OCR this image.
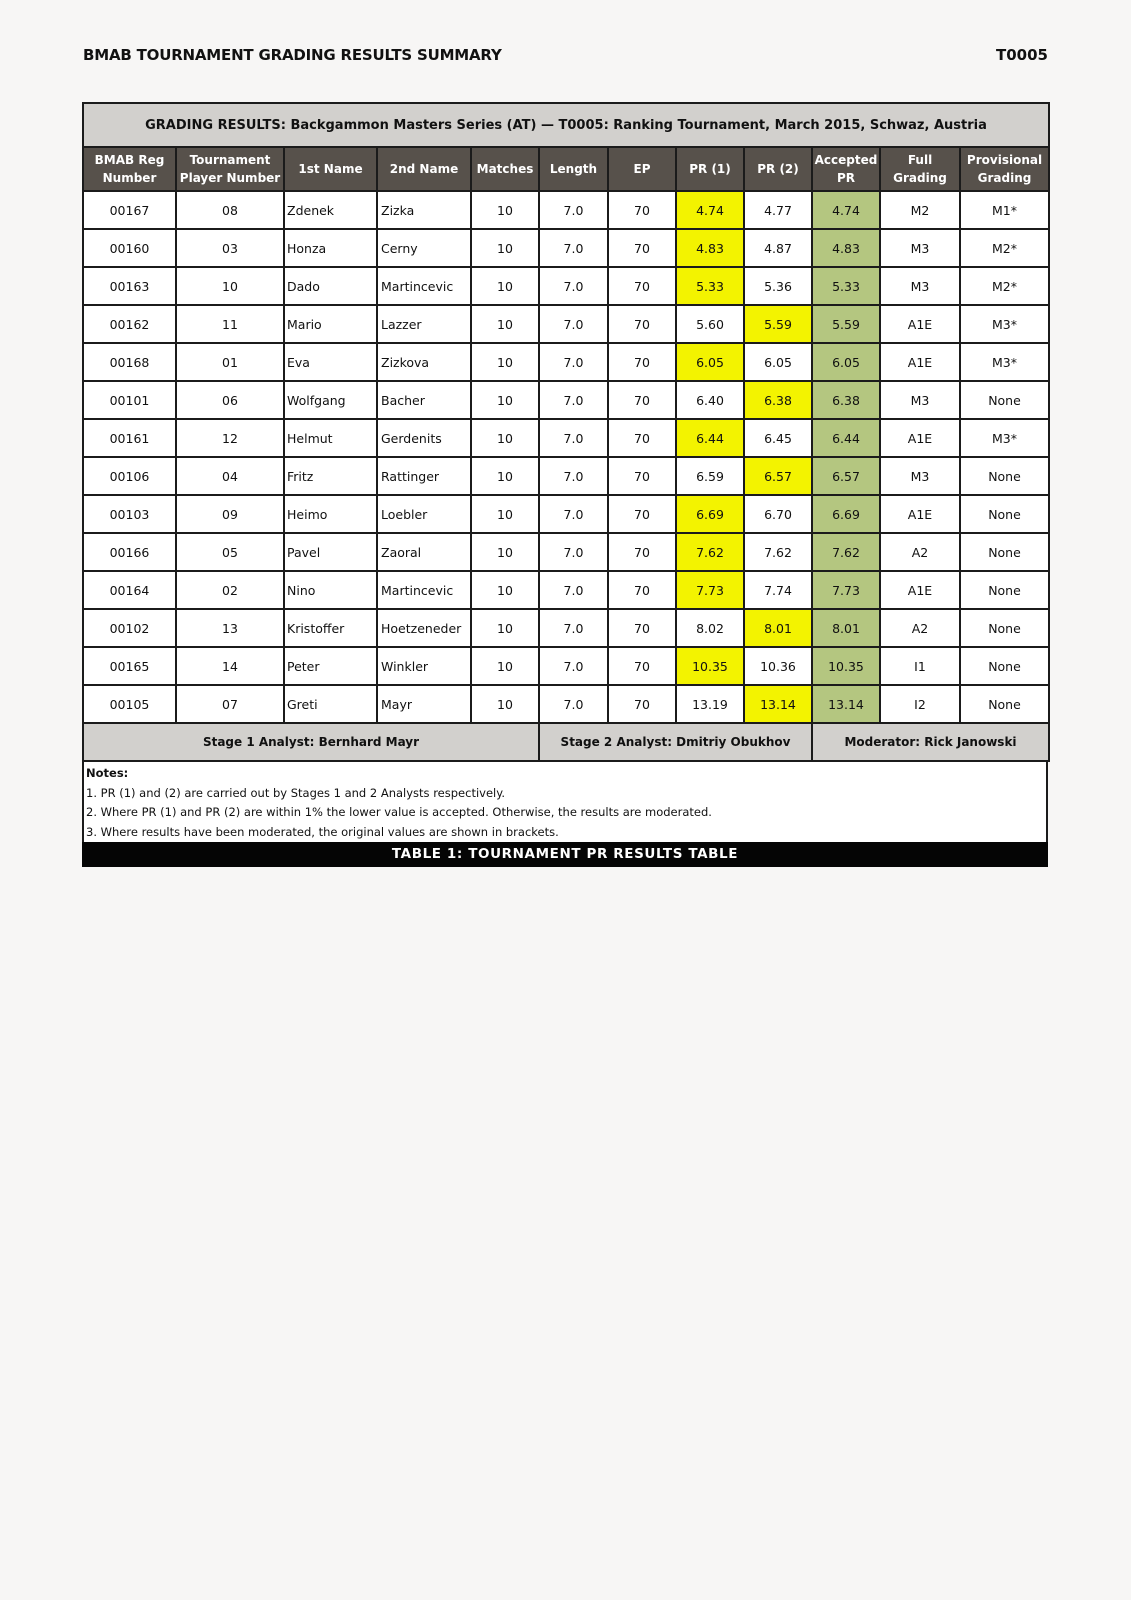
BMAB TOURNAMENT GRADING RESULTS SUMMARY	T0005
GRADING RESULTS: Backgammon Masters Series (AT) — T0005: Ranking Tournament, March 2015, Schwaz, Austria											
BMAB Reg Number	Tournament Player Number	1st Name	2nd Name	Matches	Length	EP	PR (1)	PR (2)	Accepted PR	Full Grading	Provisional Grading
00167	08	Zdenek	Zizka	10	7.0	70	4.74	4.77	4.74	M2	M1*
00160	03	Honza	Cerny	10	7.0	70	4.83	4.87	4.83	M3	M2*
00163	10	Dado	Martincevic	10	7.0	70	5.33	5.36	5.33	M3	M2*
00162	11	Mario	Lazzer	10	7.0	70	5.60	5.59	5.59	A1E	M3*
00168	01	Eva	Zizkova	10	7.0	70	6.05	6.05	6.05	A1E	M3*
00101	06	Wolfgang	Bacher	10	7.0	70	6.40	6.38	6.38	M3	None
00161	12	Helmut	Gerdenits	10	7.0	70	6.44	6.45	6.44	A1E	M3*
00106	04	Fritz	Rattinger	10	7.0	70	6.59	6.57	6.57	M3	None
00103	09	Heimo	Loebler	10	7.0	70	6.69	6.70	6.69	A1E	None
00166	05	Pavel	Zaoral	10	7.0	70	7.62	7.62	7.62	A2	None
00164	02	Nino	Martincevic	10	7.0	70	7.73	7.74	7.73	A1E	None
00102	13	Kristoffer	Hoetzeneder	10	7.0	70	8.02	8.01	8.01	A2	None
00165	14	Peter	Winkler	10	7.0	70	10.35	10.36	10.35	I1	None
00105	07	Greti	Mayr	10	7.0	70	13.19	13.14	13.14	I2	None
Stage 1 Analyst: Bernhard Mayr					Stage 2 Analyst: Dmitriy Obukhov				Moderator: Rick Janowski		
Notes:
1. PR (1) and (2) are carried out by Stages 1 and 2 Analysts respectively.
2. Where PR (1) and PR (2) are within 1% the lower value is accepted. Otherwise, the results are moderated.
3. Where results have been moderated, the original values are shown in brackets.
TABLE 1: TOURNAMENT PR RESULTS TABLE
